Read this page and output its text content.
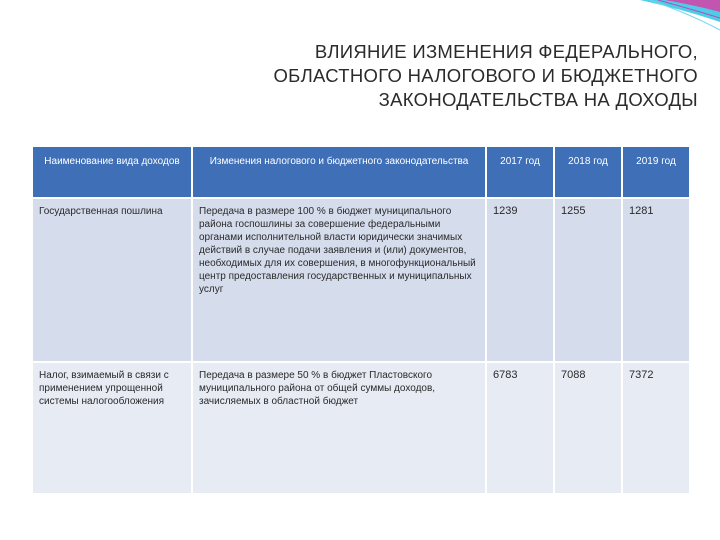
ВЛИЯНИЕ ИЗМЕНЕНИЯ ФЕДЕРАЛЬНОГО,
ОБЛАСТНОГО НАЛОГОВОГО И БЮДЖЕТНОГО
ЗАКОНОДАТЕЛЬСТВА НА ДОХОДЫ
Наименование вида доходов	Изменения налогового и бюджетного законодательства	2017 год	2018 год	2019 год
Государственная пошлина	Передача в размере 100 % в бюджет муниципального района госпошлины за совершение федеральными органами исполнительной власти юридически значимых действий в случае подачи заявления и (или) документов, необходимых для их совершения, в многофункциональный центр предоставления государственных и муниципальных услуг	1239	1255	1281
Налог, взимаемый в связи с применением упрощенной системы налогообложения	Передача в размере 50 % в бюджет Пластовского муниципального района от общей суммы доходов, зачисляемых в областной бюджет	6783	7088	7372
